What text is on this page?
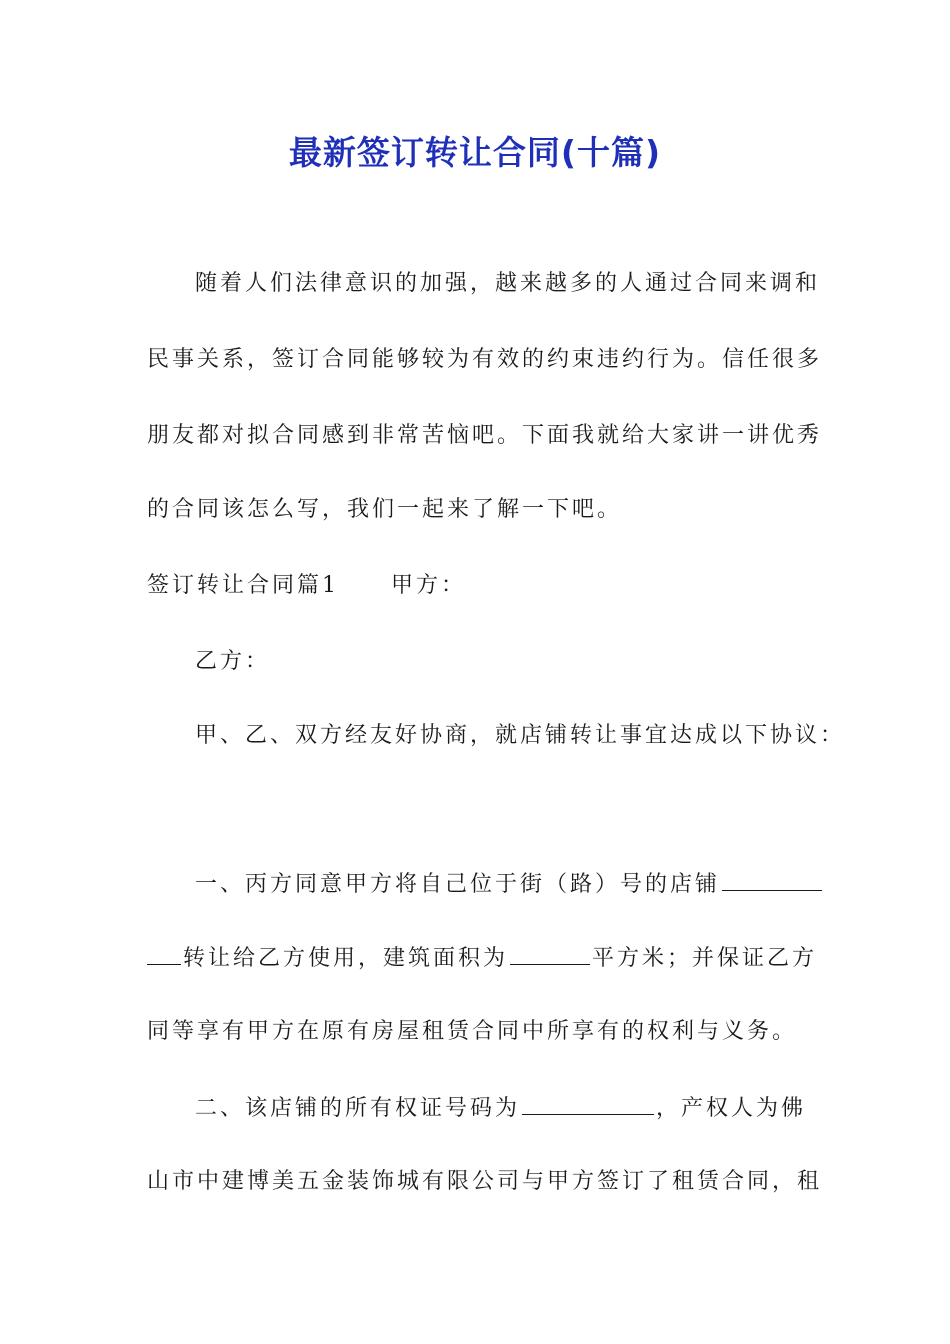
最新签订转让合同(十篇)

随着人们法律意识的加强，越来越多的人通过合同来调和

民事关系，签订合同能够较为有效的约束违约行为。信任很多

朋友都对拟合同感到非常苦恼吧。下面我就给大家讲一讲优秀

的合同该怎么写，我们一起来了解一下吧。

签订转让合同篇1 甲方：

乙方：

甲、乙、双方经友好协商，就店铺转让事宜达成以下协议：

一、丙方同意甲方将自己位于街（路）号的店铺

转让给乙方使用，建筑面积为	平方米；并保证乙方

同等享有甲方在原有房屋租赁合同中所享有的权利与义务。

二、该店铺的所有权证号码为	，产权人为佛

山市中建博美五金装饰城有限公司与甲方签订了租赁合同，租
